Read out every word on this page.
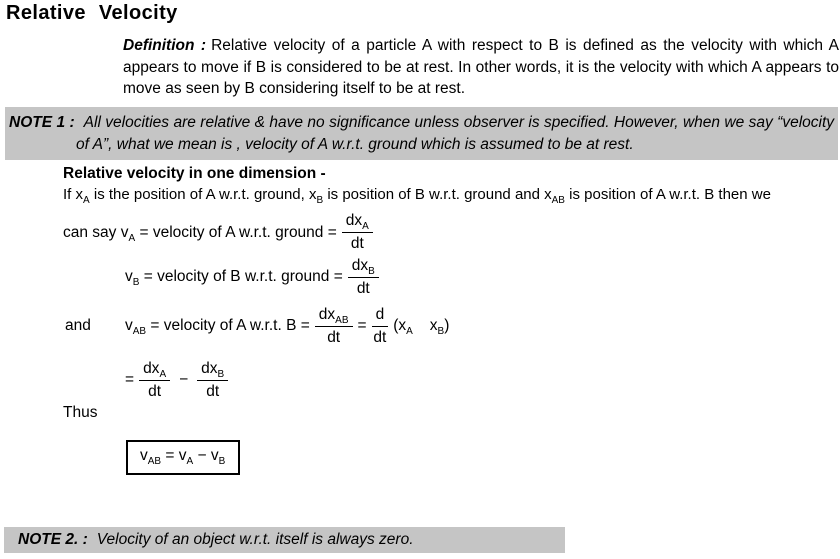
Relative Velocity

Definition : Relative velocity of a particle A with respect to B is defined as the velocity with which A appears to move if B is considered to be at rest. In other words, it is the velocity with which A appears to move as seen by B considering itself to be at rest.

NOTE 1 : All velocities are relative & have no significance unless observer is specified. However, when we say “velocity of A”, what we mean is , velocity of A w.r.t. ground which is assumed to be at rest.

Relative velocity in one dimension -

If $x_A$ is the position of A w.r.t. ground, $x_B$ is position of B w.r.t. ground and $x_{AB}$ is position of A w.r.t. B then we

can say $v_A$ = velocity of A w.r.t. ground = $\frac{dx_A}{dt}$
$v_B$ = velocity of B w.r.t. ground = $\frac{dx_B}{dt}$
and	$v_{AB}$ = velocity of A w.r.t. $B = \frac{dx_{AB}}{dt} = \frac{d}{dt} (x_A$ $x_B$)
= $\frac{dx_A}{dt} - \frac{dx_B}{dt}$

Thus

$v_{AB} = v_A - v_B$

NOTE 2. : Velocity of an object w.r.t. itself is always zero.
